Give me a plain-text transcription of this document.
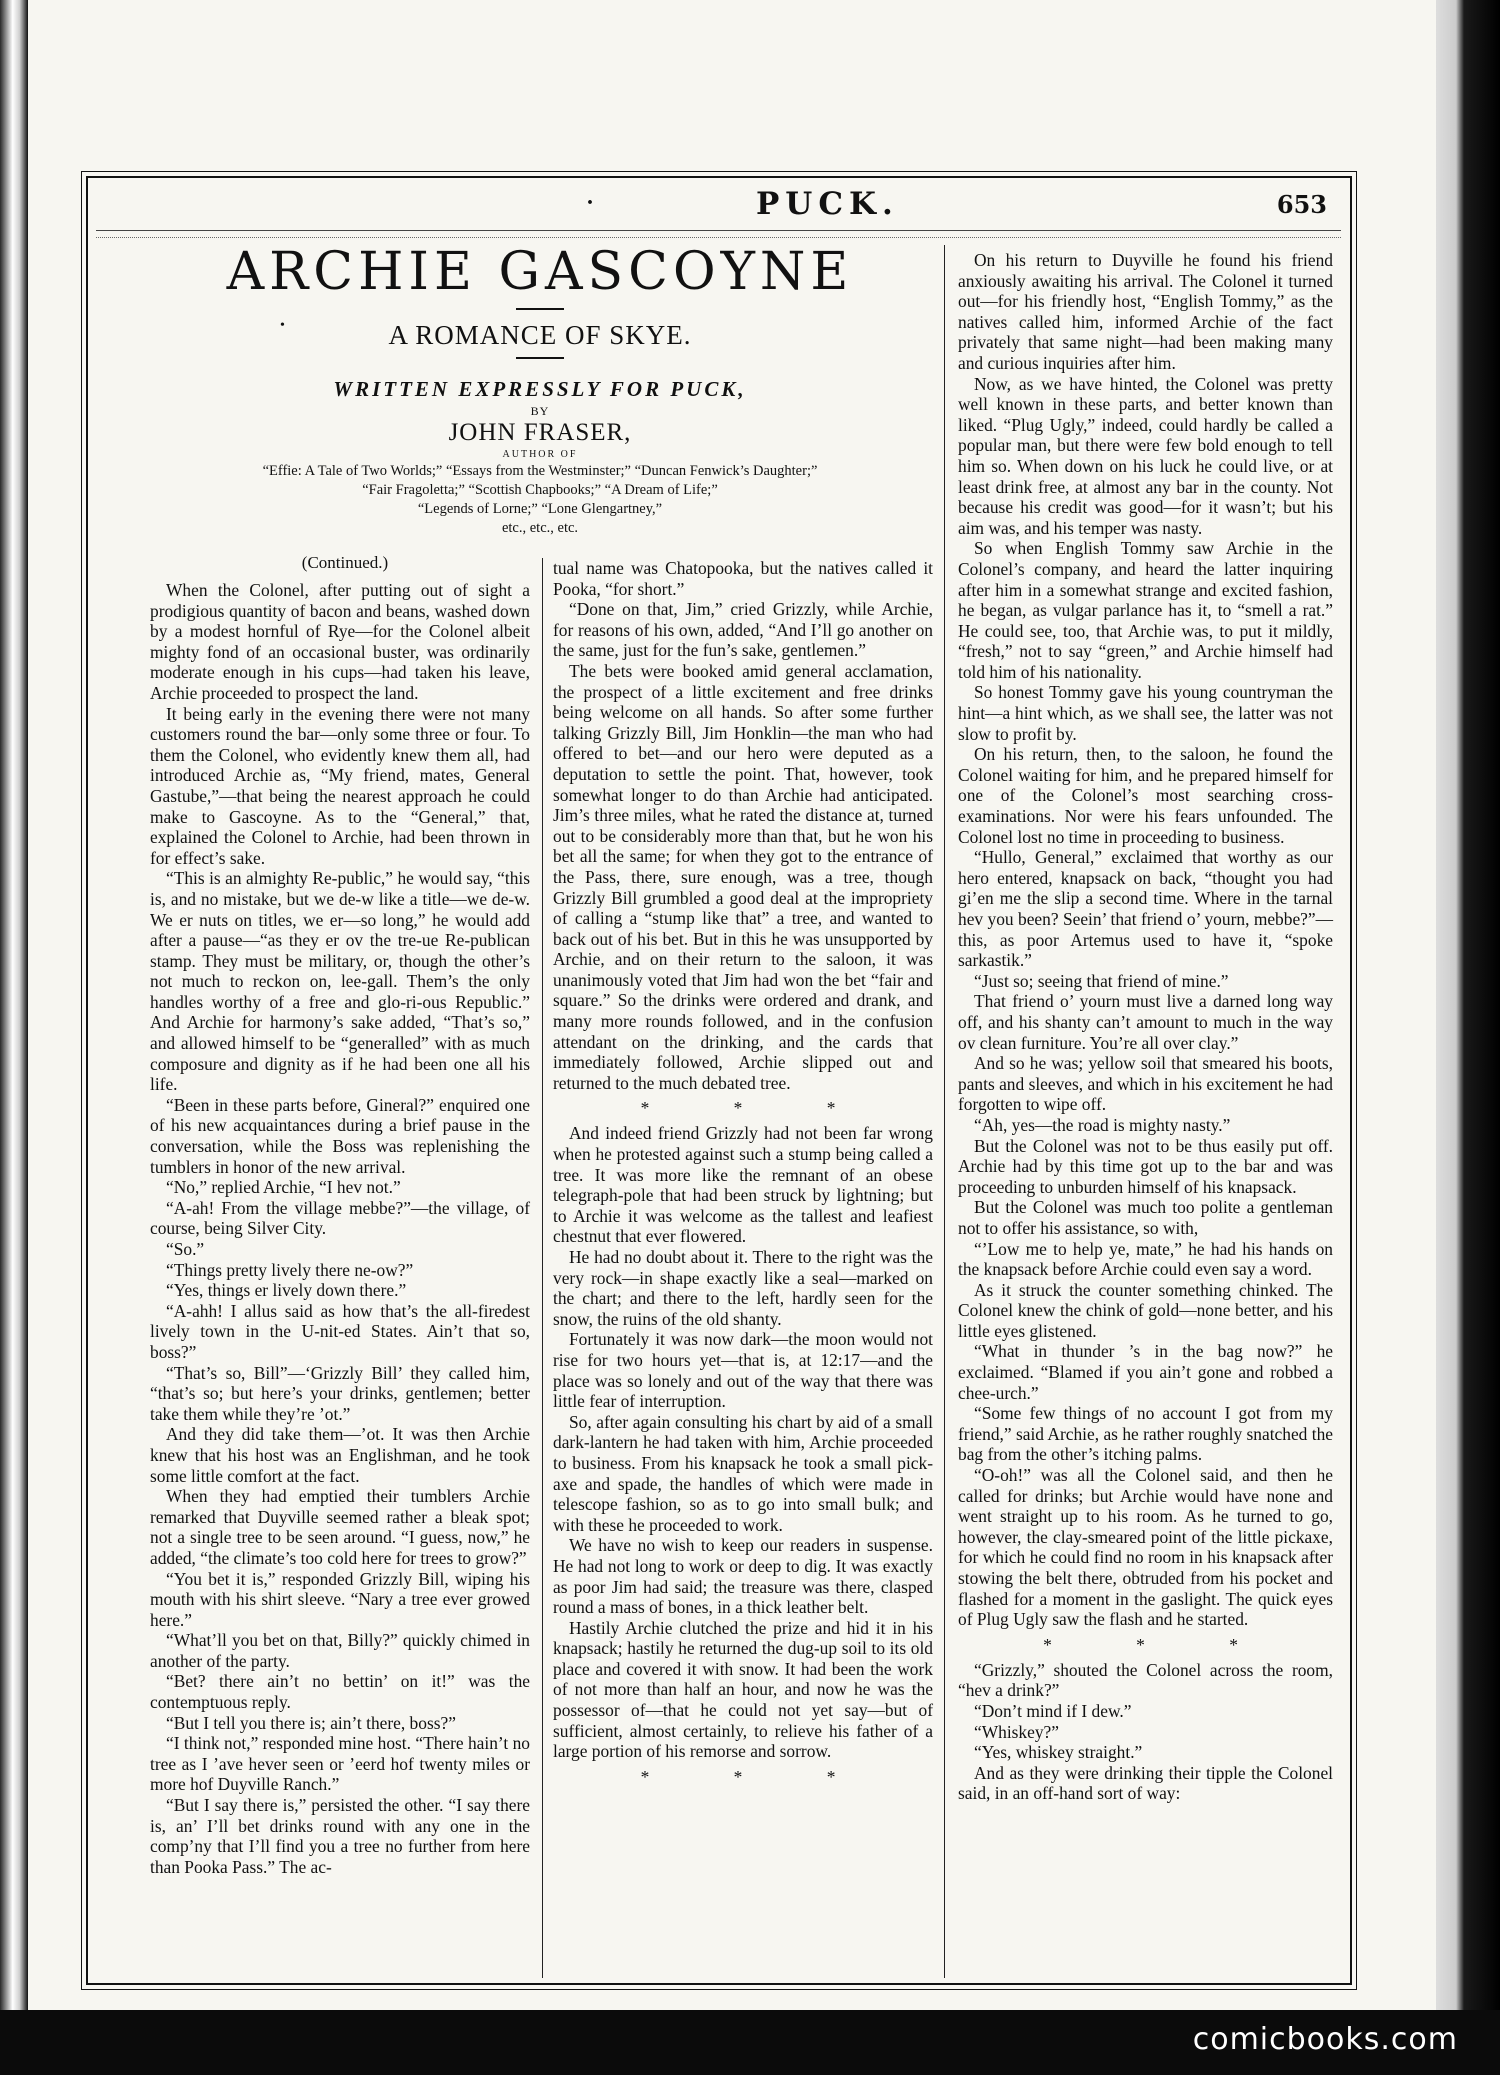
·	PUCK.	653
ARCHIE GASCOYNE
A ROMANCE OF SKYE.
WRITTEN EXPRESSLY FOR PUCK,
BY
JOHN FRASER,
AUTHOR OF
“Effie: A Tale of Two Worlds;” “Essays from the Westminster;” “Duncan Fenwick’s Daughter;”
“Fair Fragoletta;” “Scottish Chapbooks;” “A Dream of Life;”
“Legends of Lorne;” “Lone Glengartney,”
etc., etc., etc.
•
(Continued.)

When the Colonel, after putting out of sight a prodigious quantity of bacon and beans, washed down by a modest hornful of Rye—for the Colonel albeit mighty fond of an occasional buster, was ordinarily moderate enough in his cups—had taken his leave, Archie proceeded to prospect the land.

It being early in the evening there were not many customers round the bar—only some three or four. To them the Colonel, who evidently knew them all, had introduced Archie as, “My friend, mates, General Gastube,”—that being the nearest approach he could make to Gascoyne. As to the “General,” that, explained the Colonel to Archie, had been thrown in for effect’s sake.

“This is an almighty Re-public,” he would say, “this is, and no mistake, but we de-w like a title—we de-w. We er nuts on titles, we er—so long,” he would add after a pause—“as they er ov the tre-ue Re-publican stamp. They must be military, or, though the other’s not much to reckon on, lee-gall. Them’s the only handles worthy of a free and glo-ri-ous Republic.” And Archie for harmony’s sake added, “That’s so,” and allowed himself to be “generalled” with as much composure and dignity as if he had been one all his life.

“Been in these parts before, Gineral?” enquired one of his new acquaintances during a brief pause in the conversation, while the Boss was replenishing the tumblers in honor of the new arrival.

“No,” replied Archie, “I hev not.”

“A-ah! From the village mebbe?”—the village, of course, being Silver City.

“So.”

“Things pretty lively there ne-ow?”

“Yes, things er lively down there.”

“A-ahh! I allus said as how that’s the all-firedest lively town in the U-nit-ed States. Ain’t that so, boss?”

“That’s so, Bill”—‘Grizzly Bill’ they called him, “that’s so; but here’s your drinks, gentlemen; better take them while they’re ’ot.”

And they did take them—’ot. It was then Archie knew that his host was an Englishman, and he took some little comfort at the fact.

When they had emptied their tumblers Archie remarked that Duyville seemed rather a bleak spot; not a single tree to be seen around. “I guess, now,” he added, “the climate’s too cold here for trees to grow?”

“You bet it is,” responded Grizzly Bill, wiping his mouth with his shirt sleeve. “Nary a tree ever growed here.”

“What’ll you bet on that, Billy?” quickly chimed in another of the party.

“Bet? there ain’t no bettin’ on it!” was the contemptuous reply.

“But I tell you there is; ain’t there, boss?”

“I think not,” responded mine host. “There hain’t no tree as I ’ave hever seen or ’eerd hof twenty miles or more hof Duyville Ranch.”

“But I say there is,” persisted the other. “I say there is, an’ I’ll bet drinks round with any one in the comp’ny that I’ll find you a tree no further from here than Pooka Pass.” The ac-

tual name was Chatopooka, but the natives called it Pooka, “for short.”

“Done on that, Jim,” cried Grizzly, while Archie, for reasons of his own, added, “And I’ll go another on the same, just for the fun’s sake, gentlemen.”

The bets were booked amid general acclamation, the prospect of a little excitement and free drinks being welcome on all hands. So after some further talking Grizzly Bill, Jim Honklin—the man who had offered to bet—and our hero were deputed as a deputation to settle the point. That, however, took somewhat longer to do than Archie had anticipated. Jim’s three miles, what he rated the distance at, turned out to be considerably more than that, but he won his bet all the same; for when they got to the entrance of the Pass, there, sure enough, was a tree, though Grizzly Bill grumbled a good deal at the impropriety of calling a “stump like that” a tree, and wanted to back out of his bet. But in this he was unsupported by Archie, and on their return to the saloon, it was unanimously voted that Jim had won the bet “fair and square.” So the drinks were ordered and drank, and many more rounds followed, and in the confusion attendant on the drinking, and the cards that immediately followed, Archie slipped out and returned to the much debated tree.

* * *

And indeed friend Grizzly had not been far wrong when he protested against such a stump being called a tree. It was more like the remnant of an obese telegraph-pole that had been struck by lightning; but to Archie it was welcome as the tallest and leafiest chestnut that ever flowered.

He had no doubt about it. There to the right was the very rock—in shape exactly like a seal—marked on the chart; and there to the left, hardly seen for the snow, the ruins of the old shanty.

Fortunately it was now dark—the moon would not rise for two hours yet—that is, at 12:17—and the place was so lonely and out of the way that there was little fear of interruption.

So, after again consulting his chart by aid of a small dark-lantern he had taken with him, Archie proceeded to business. From his knapsack he took a small pick-axe and spade, the handles of which were made in telescope fashion, so as to go into small bulk; and with these he proceeded to work.

We have no wish to keep our readers in suspense. He had not long to work or deep to dig. It was exactly as poor Jim had said; the treasure was there, clasped round a mass of bones, in a thick leather belt.

Hastily Archie clutched the prize and hid it in his knapsack; hastily he returned the dug-up soil to its old place and covered it with snow. It had been the work of not more than half an hour, and now he was the possessor of—that he could not yet say—but of sufficient, almost certainly, to relieve his father of a large portion of his remorse and sorrow.

* * *

On his return to Duyville he found his friend anxiously awaiting his arrival. The Colonel it turned out—for his friendly host, “English Tommy,” as the natives called him, informed Archie of the fact privately that same night—had been making many and curious inquiries after him.

Now, as we have hinted, the Colonel was pretty well known in these parts, and better known than liked. “Plug Ugly,” indeed, could hardly be called a popular man, but there were few bold enough to tell him so. When down on his luck he could live, or at least drink free, at almost any bar in the county. Not because his credit was good—for it wasn’t; but his aim was, and his temper was nasty.

So when English Tommy saw Archie in the Colonel’s company, and heard the latter inquiring after him in a somewhat strange and excited fashion, he began, as vulgar parlance has it, to “smell a rat.” He could see, too, that Archie was, to put it mildly, “fresh,” not to say “green,” and Archie himself had told him of his nationality.

So honest Tommy gave his young countryman the hint—a hint which, as we shall see, the latter was not slow to profit by.

On his return, then, to the saloon, he found the Colonel waiting for him, and he prepared himself for one of the Colonel’s most searching cross-examinations. Nor were his fears unfounded. The Colonel lost no time in proceeding to business.

“Hullo, General,” exclaimed that worthy as our hero entered, knapsack on back, “thought you had gi’en me the slip a second time. Where in the tarnal hev you been? Seein’ that friend o’ yourn, mebbe?”—this, as poor Artemus used to have it, “spoke sarkastik.”

“Just so; seeing that friend of mine.”

That friend o’ yourn must live a darned long way off, and his shanty can’t amount to much in the way ov clean furniture. You’re all over clay.”

And so he was; yellow soil that smeared his boots, pants and sleeves, and which in his excitement he had forgotten to wipe off.

“Ah, yes—the road is mighty nasty.”

But the Colonel was not to be thus easily put off. Archie had by this time got up to the bar and was proceeding to unburden himself of his knapsack.

But the Colonel was much too polite a gentleman not to offer his assistance, so with,

“’Low me to help ye, mate,” he had his hands on the knapsack before Archie could even say a word.

As it struck the counter something chinked. The Colonel knew the chink of gold—none better, and his little eyes glistened.

“What in thunder ’s in the bag now?” he exclaimed. “Blamed if you ain’t gone and robbed a chee-urch.”

“Some few things of no account I got from my friend,” said Archie, as he rather roughly snatched the bag from the other’s itching palms.

“O-oh!” was all the Colonel said, and then he called for drinks; but Archie would have none and went straight up to his room. As he turned to go, however, the clay-smeared point of the little pickaxe, for which he could find no room in his knapsack after stowing the belt there, obtruded from his pocket and flashed for a moment in the gaslight. The quick eyes of Plug Ugly saw the flash and he started.

* * *

“Grizzly,” shouted the Colonel across the room, “hev a drink?”

“Don’t mind if I dew.”

“Whiskey?”

“Yes, whiskey straight.”

And as they were drinking their tipple the Colonel said, in an off-hand sort of way:

comicbooks.com
